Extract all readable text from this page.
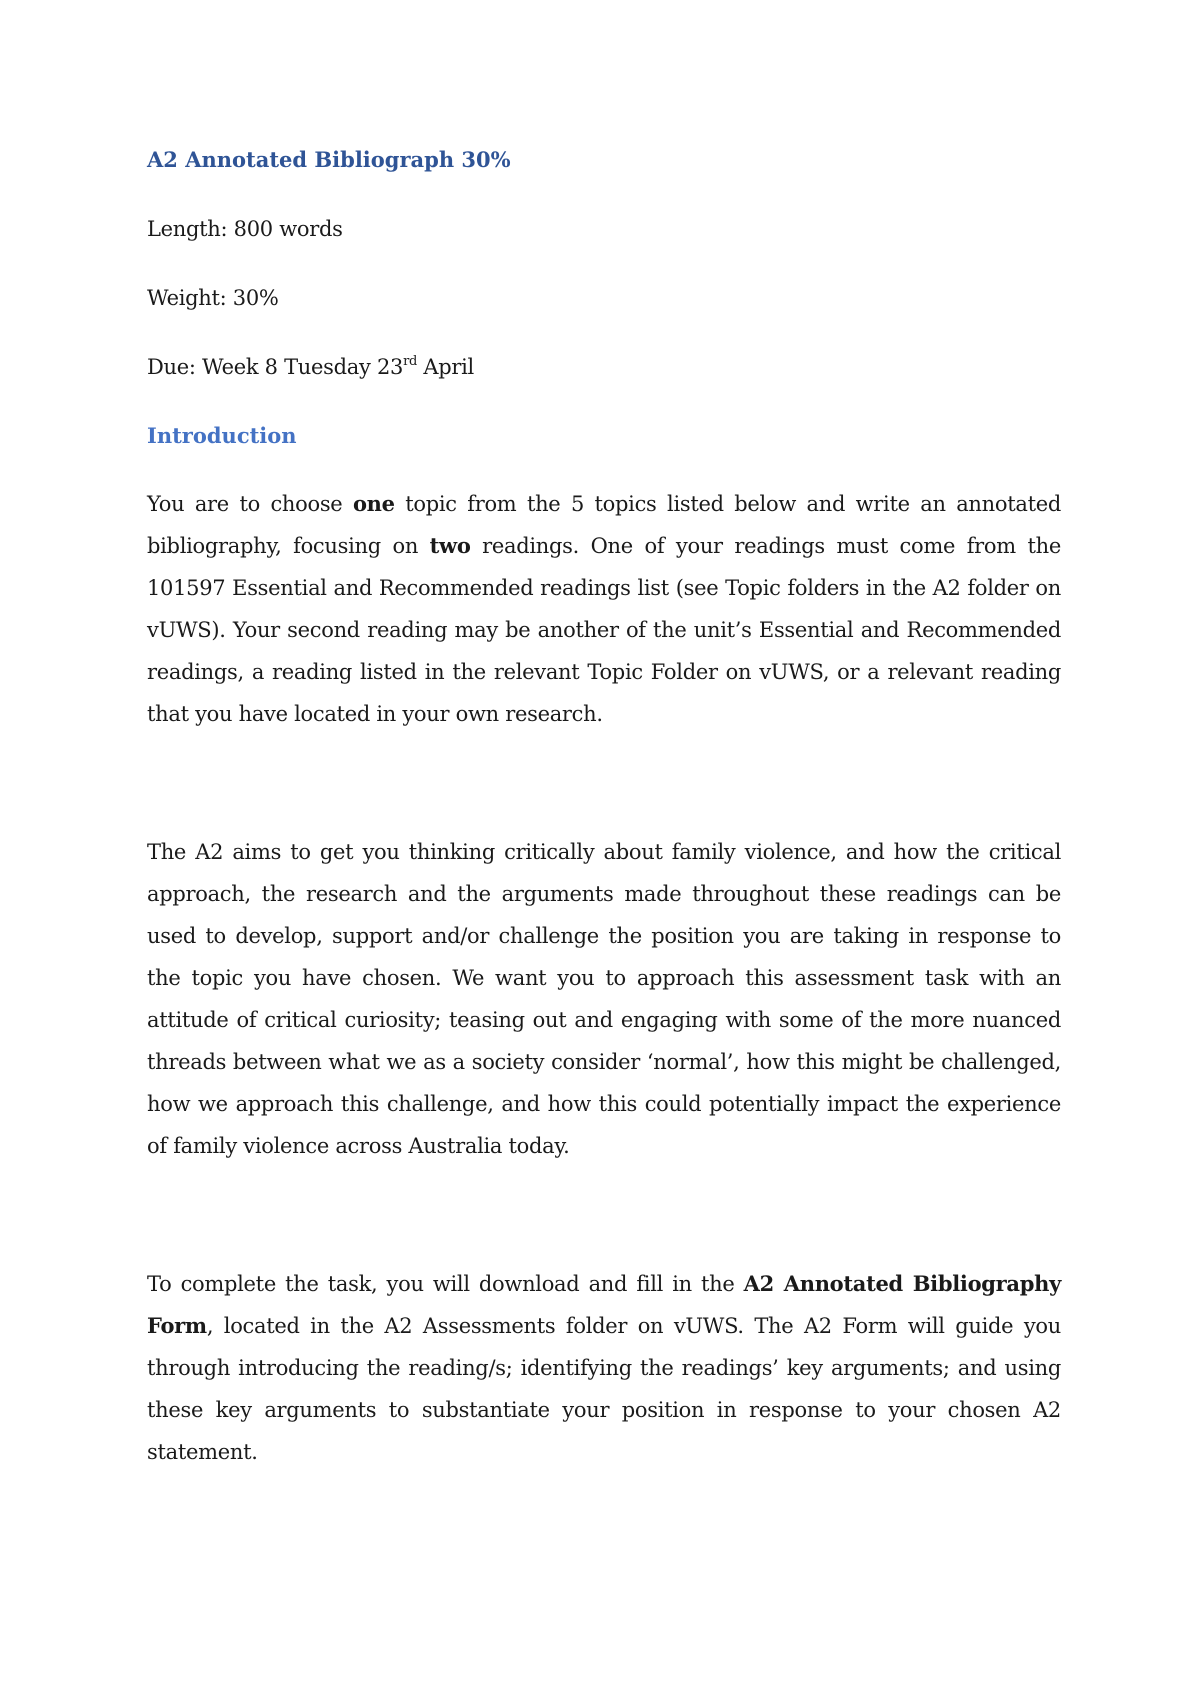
A2 Annotated Bibliograph 30%

Length: 800 words

Weight: 30%

Due: Week 8 Tuesday 23rd April

Introduction

You are to choose one topic from the 5 topics listed below and write an annotated bibliography, focusing on two readings. One of your readings must come from the 101597 Essential and Recommended readings list (see Topic folders in the A2 folder on vUWS). Your second reading may be another of the unit’s Essential and Recommended readings, a reading listed in the relevant Topic Folder on vUWS, or a relevant reading that you have located in your own research.

The A2 aims to get you thinking critically about family violence, and how the critical approach, the research and the arguments made throughout these readings can be used to develop, support and/or challenge the position you are taking in response to the topic you have chosen. We want you to approach this assessment task with an attitude of critical curiosity; teasing out and engaging with some of the more nuanced threads between what we as a society consider ‘normal’, how this might be challenged, how we approach this challenge, and how this could potentially impact the experience of family violence across Australia today.

To complete the task, you will download and fill in the A2 Annotated Bibliography Form, located in the A2 Assessments folder on vUWS. The A2 Form will guide you through introducing the reading/s; identifying the readings’ key arguments; and using these key arguments to substantiate your position in response to your chosen A2 statement.
